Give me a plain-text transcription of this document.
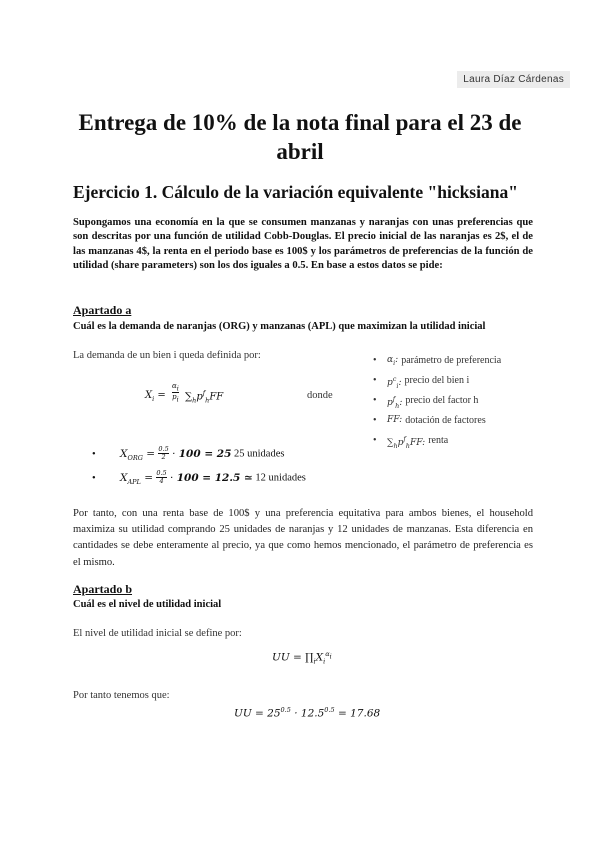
Laura Díaz Cárdenas
Entrega de 10% de la nota final para el 23 de abril
Ejercicio 1. Cálculo de la variación equivalente "hicksiana"
Supongamos una economía en la que se consumen manzanas y naranjas con unas preferencias que son descritas por una función de utilidad Cobb-Douglas. El precio inicial de las naranjas es 2$, el de las manzanas 4$, la renta en el periodo base es 100$ y los parámetros de preferencias de la función de utilidad (share parameters) son los dos iguales a 0.5. En base a estos datos se pide:
Apartado a
Cuál es la demanda de naranjas (ORG) y manzanas (APL) que maximizan la utilidad inicial
La demanda de un bien i queda definida por:
$X_i$ =
$\alpha_i$
$p_i$ $\sum_hp^f_hFF$	donde
•	$\alpha_i$: parámetro de preferencia
•	$p^c_i$: precio del bien i
•	$p^f_h$: precio del factor h
•	FF: dotación de factores
•	$\sum_hp^f_hFF$: renta
• $X_{ORG} = \frac{0.5}{2} \cdot 100 = 25$ 25 unidades
• $X_{APL} = \frac{0.5}{4} \cdot 100 = 12.5$ ≃ 12 unidades
Por tanto, con una renta base de 100$ y una preferencia equitativa para ambos bienes, el household maximiza su utilidad comprando 25 unidades de naranjas y 12 unidades de manzanas. Esta diferencia en cantidades se debe enteramente al precio, ya que como hemos mencionado, el parámetro de preferencia es el mismo.
Apartado b
Cuál es el nivel de utilidad inicial
El nivel de utilidad inicial se define por:
UU = $\prod_iX_i^{\alpha_i}$
Por tanto tenemos que:
UU = $25^{0.5} \cdot 12.5^{0.5} = 17.68$
